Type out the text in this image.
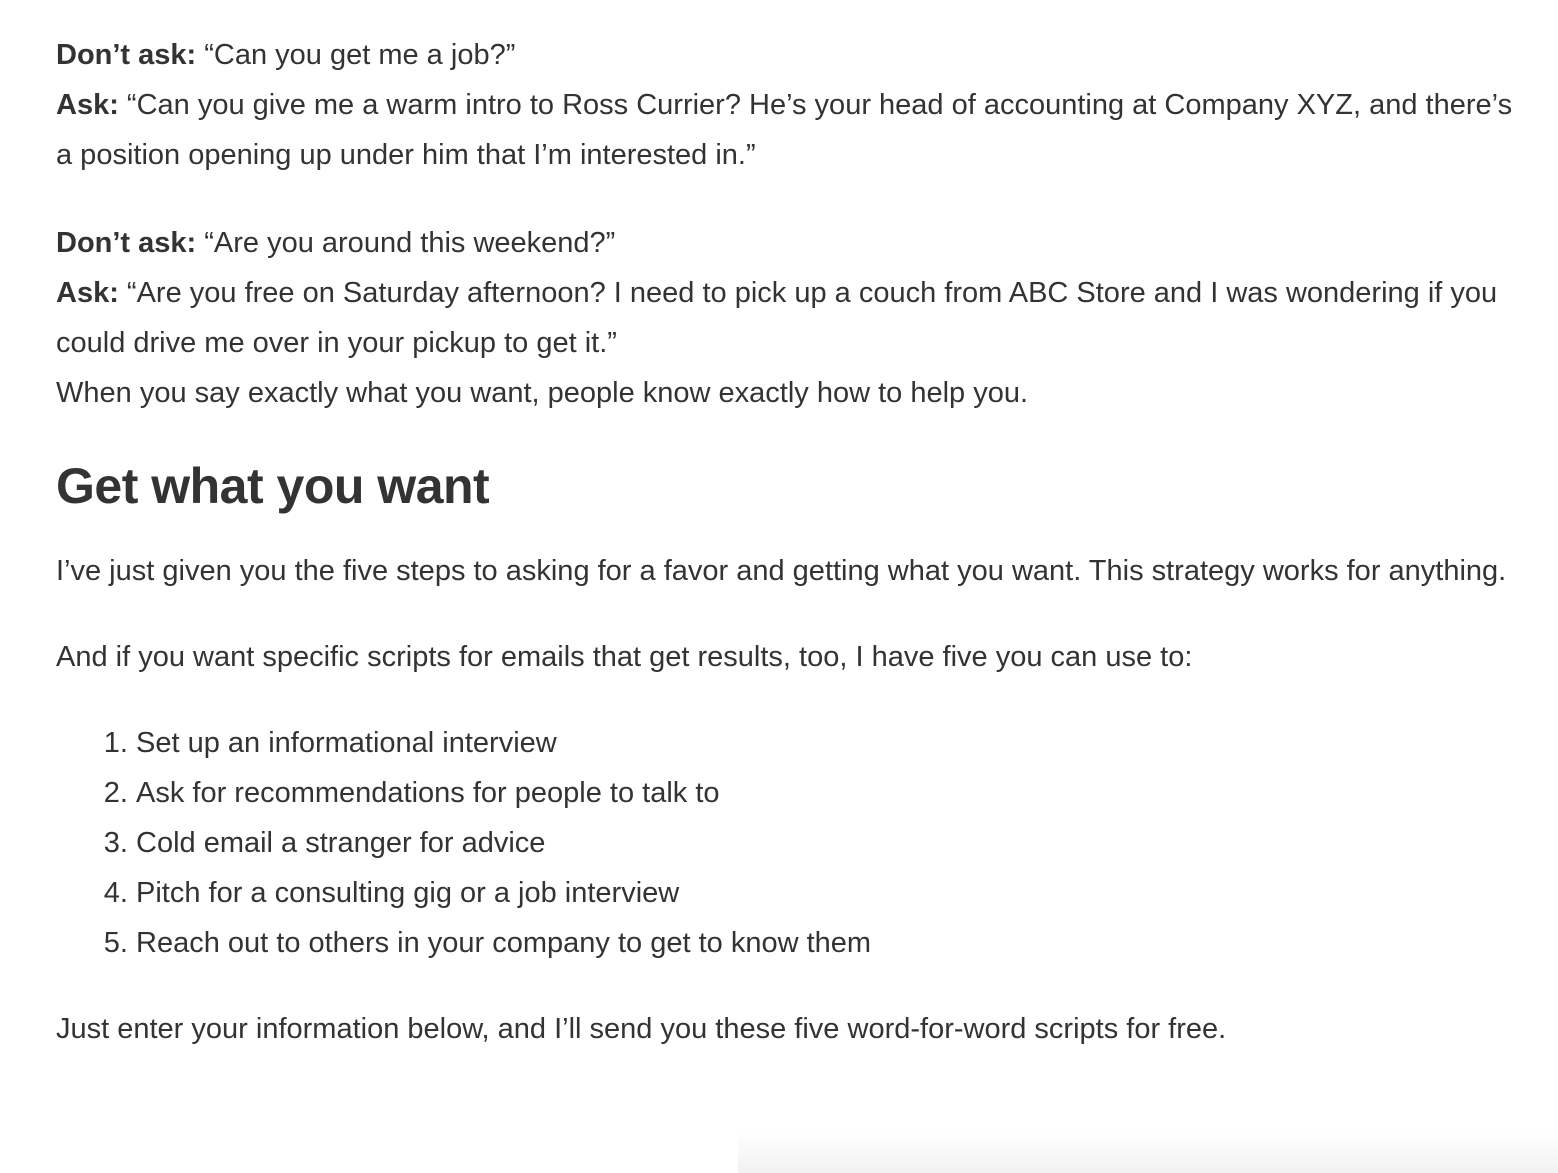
Don’t ask: “Can you get me a job?”
Ask: “Can you give me a warm intro to Ross Currier? He’s your head of accounting at Company XYZ, and there’s a position opening up under him that I’m interested in.”
Don’t ask: “Are you around this weekend?”
Ask: “Are you free on Saturday afternoon? I need to pick up a couch from ABC Store and I was wondering if you could drive me over in your pickup to get it.”

When you say exactly what you want, people know exactly how to help you.

Get what you want

I’ve just given you the five steps to asking for a favor and getting what you want. This strategy works for anything.

And if you want specific scripts for emails that get results, too, I have five you can use to:

1. Set up an informational interview
2. Ask for recommendations for people to talk to
3. Cold email a stranger for advice
4. Pitch for a consulting gig or a job interview
5. Reach out to others in your company to get to know them

Just enter your information below, and I’ll send you these five word-for-word scripts for free.
